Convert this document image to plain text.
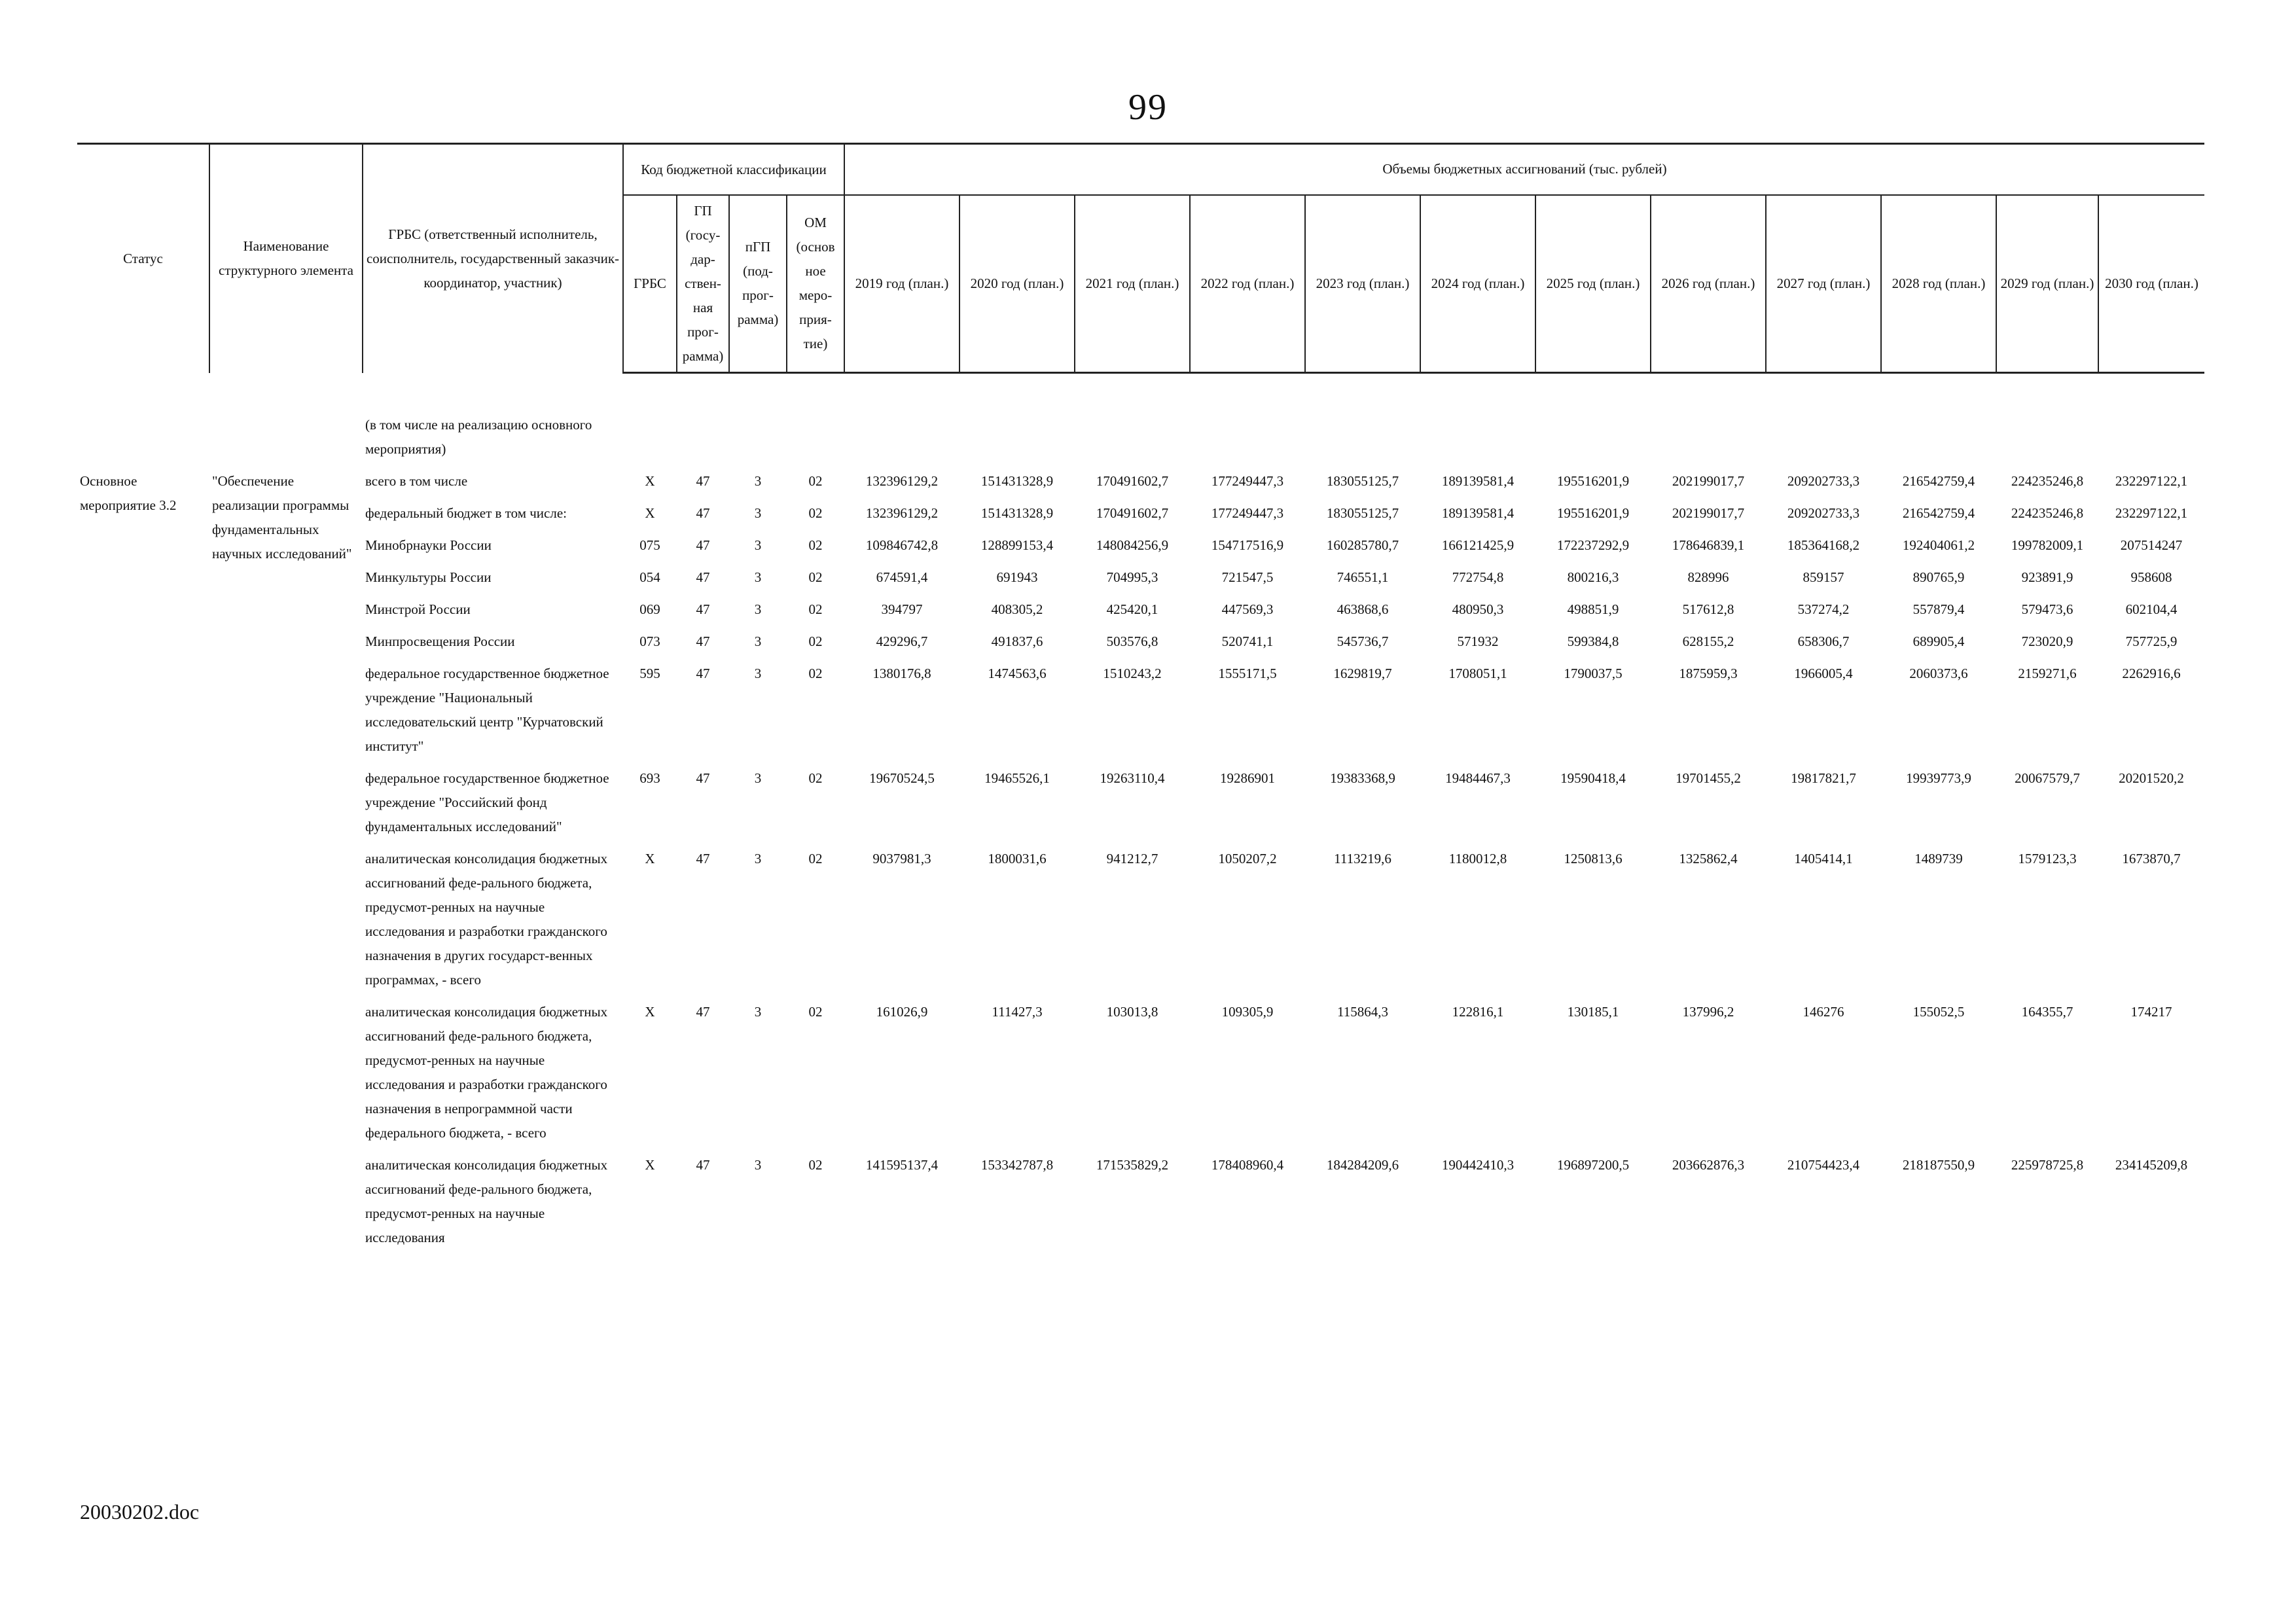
99
Статус	Наименование структурного элемента	ГРБС (ответственный исполнитель, соисполнитель, государственный заказчик-координатор, участник)	Код бюджетной классификации				Объемы бюджетных ассигнований (тыс. рублей)											
			ГРБС	ГП (госу-дар-ствен-ная прог-рамма)	пГП (под-прог-рамма)	ОМ (основ ное меро-прия-тие)	2019 год (план.)	2020 год (план.)	2021 год (план.)	2022 год (план.)	2023 год (план.)	2024 год (план.)	2025 год (план.)	2026 год (план.)	2027 год (план.)	2028 год (план.)	2029 год (план.)	2030 год (план.)

		(в том числе на реализацию основного мероприятия)																
Основное мероприятие 3.2	"Обеспечение реализации программы фундаментальных научных исследований"	всего в том числе	X	47	3	02	132396129,2	151431328,9	170491602,7	177249447,3	183055125,7	189139581,4	195516201,9	202199017,7	209202733,3	216542759,4	224235246,8	232297122,1
		федеральный бюджет в том числе:	X	47	3	02	132396129,2	151431328,9	170491602,7	177249447,3	183055125,7	189139581,4	195516201,9	202199017,7	209202733,3	216542759,4	224235246,8	232297122,1
		Минобрнауки России	075	47	3	02	109846742,8	128899153,4	148084256,9	154717516,9	160285780,7	166121425,9	172237292,9	178646839,1	185364168,2	192404061,2	199782009,1	207514247
		Минкультуры России	054	47	3	02	674591,4	691943	704995,3	721547,5	746551,1	772754,8	800216,3	828996	859157	890765,9	923891,9	958608
		Минстрой России	069	47	3	02	394797	408305,2	425420,1	447569,3	463868,6	480950,3	498851,9	517612,8	537274,2	557879,4	579473,6	602104,4
		Минпросвещения России	073	47	3	02	429296,7	491837,6	503576,8	520741,1	545736,7	571932	599384,8	628155,2	658306,7	689905,4	723020,9	757725,9
		федеральное государственное бюджетное учреждение "Национальный исследовательский центр "Курчатовский институт"	595	47	3	02	1380176,8	1474563,6	1510243,2	1555171,5	1629819,7	1708051,1	1790037,5	1875959,3	1966005,4	2060373,6	2159271,6	2262916,6
		федеральное государственное бюджетное учреждение "Российский фонд фундаментальных исследований"	693	47	3	02	19670524,5	19465526,1	19263110,4	19286901	19383368,9	19484467,3	19590418,4	19701455,2	19817821,7	19939773,9	20067579,7	20201520,2
		аналитическая консолидация бюджетных ассигнований феде-рального бюджета, предусмот-ренных на научные исследования и разработки гражданского назначения в других государст-венных программах, - всего	X	47	3	02	9037981,3	1800031,6	941212,7	1050207,2	1113219,6	1180012,8	1250813,6	1325862,4	1405414,1	1489739	1579123,3	1673870,7
		аналитическая консолидация бюджетных ассигнований феде-рального бюджета, предусмот-ренных на научные исследования и разработки гражданского назначения в непрограммной части федерального бюджета, - всего	X	47	3	02	161026,9	111427,3	103013,8	109305,9	115864,3	122816,1	130185,1	137996,2	146276	155052,5	164355,7	174217
		аналитическая консолидация бюджетных ассигнований феде-рального бюджета, предусмот-ренных на научные исследования	X	47	3	02	141595137,4	153342787,8	171535829,2	178408960,4	184284209,6	190442410,3	196897200,5	203662876,3	210754423,4	218187550,9	225978725,8	234145209,8
20030202.doc
